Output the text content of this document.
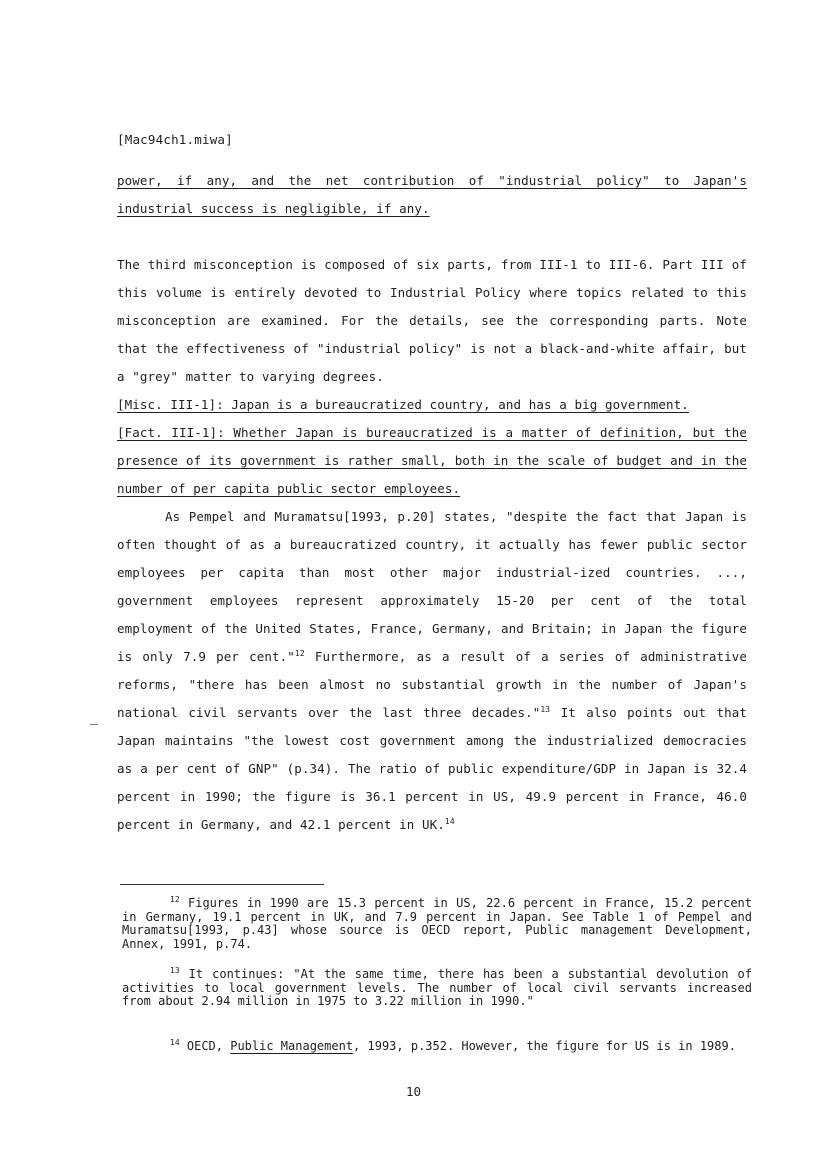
[Mac94ch1.miwa]
power, if any, and the net contribution of "industrial policy" to Japan's industrial success is negligible, if any.
The third misconception is composed of six parts, from III-1 to III-6. Part III of this volume is entirely devoted to Industrial Policy where topics related to this misconception are examined. For the details, see the corresponding parts. Note that the effectiveness of "industrial policy" is not a black-and-white affair, but a "grey" matter to varying degrees.
[Misc. III-1]: Japan is a bureaucratized country, and has a big government.
[Fact. III-1]: Whether Japan is bureaucratized is a matter of definition, but the presence of its government is rather small, both in the scale of budget and in the number of per capita public sector employees.
As Pempel and Muramatsu[1993, p.20] states, "despite the fact that Japan is often thought of as a bureaucratized country, it actually has fewer public sector employees per capita than most other major industrial-ized countries. ..., government employees represent approximately 15-20 per cent of the total employment of the United States, France, Germany, and Britain; in Japan the figure is only 7.9 per cent."$^{12}$ Furthermore, as a result of a series of administrative reforms, "there has been almost no substantial growth in the number of Japan's national civil servants over the last three decades."$^{13}$ It also points out that Japan maintains "the lowest cost government among the industrialized democracies as a per cent of GNP" (p.34). The ratio of public expenditure/GDP in Japan is 32.4 percent in 1990; the figure is 36.1 percent in US, 49.9 percent in France, 46.0 percent in Germany, and 42.1 percent in UK.$^{14}$
$^{12}$ Figures in 1990 are 15.3 percent in US, 22.6 percent in France, 15.2 percent in Germany, 19.1 percent in UK, and 7.9 percent in Japan. See Table 1 of Pempel and Muramatsu[1993, p.43] whose source is OECD report, Public management Development, Annex, 1991, p.74.
$^{13}$ It continues: "At the same time, there has been a substantial devolution of activities to local government levels. The number of local civil servants increased from about 2.94 million in 1975 to 3.22 million in 1990."
$^{14}$ OECD, Public Management, 1993, p.352. However, the figure for US is in 1989.
10
